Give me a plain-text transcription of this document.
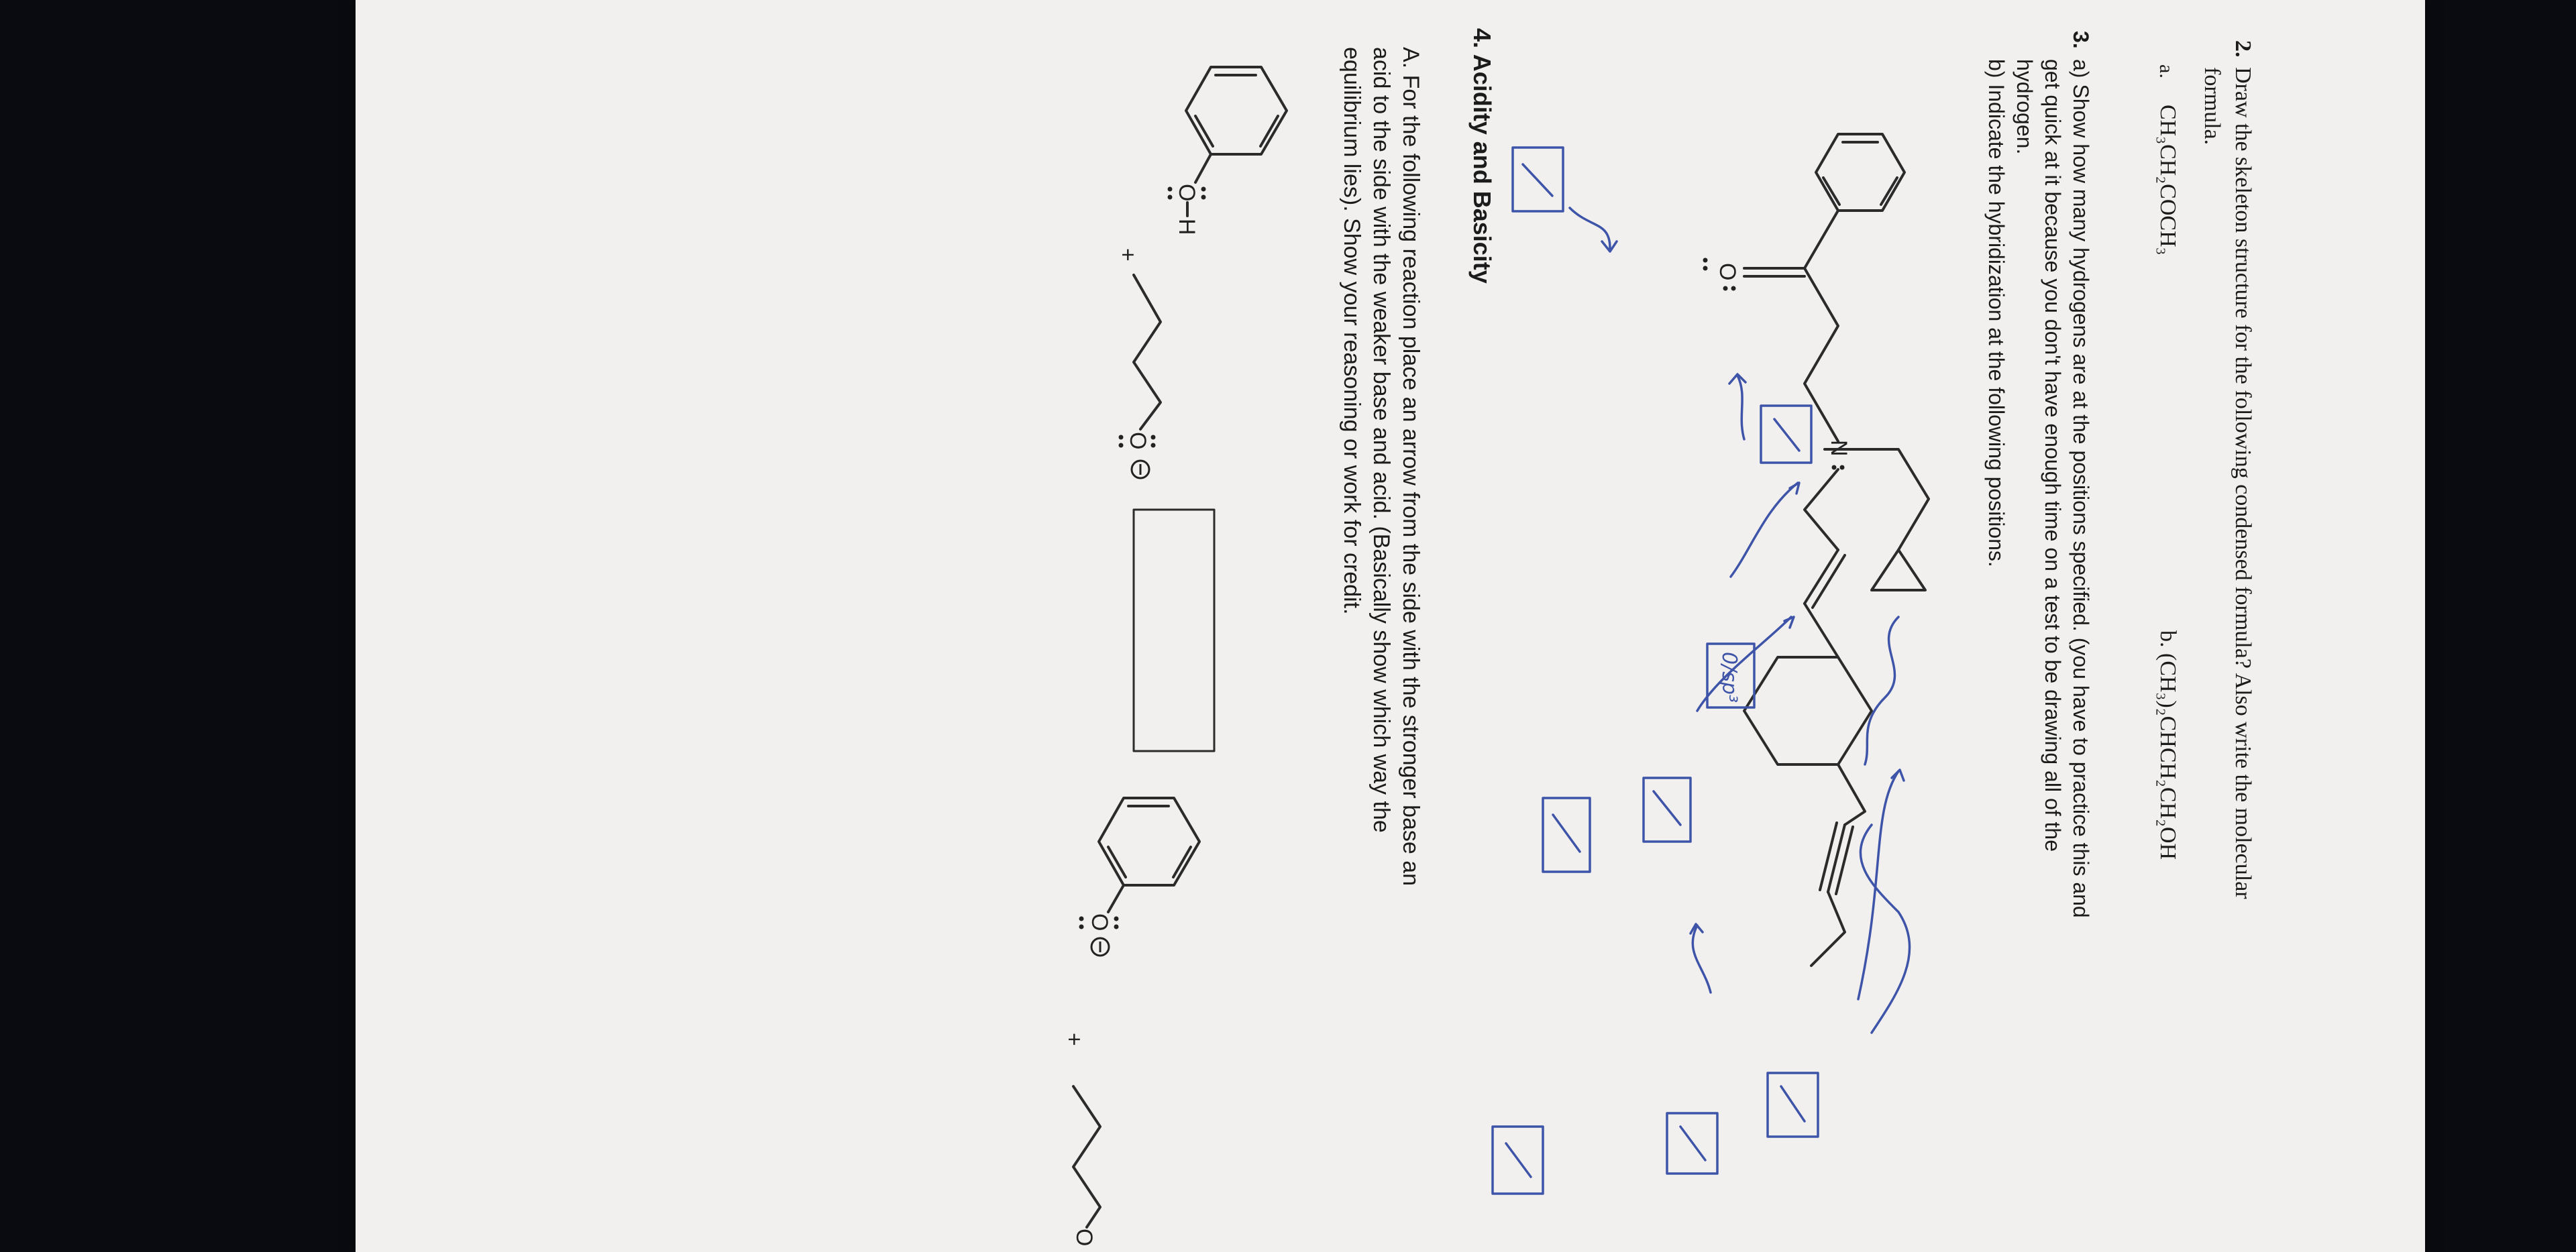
2.
Draw the skeleton structure for the following condensed formula? Also write the molecular
formula.
a.
CH₃CH₂COCH₃
b.
(CH₃)₂CHCH₂CH₂OH
3.
a) Show how many hydrogens are at the positions specified. (you have to practice this and
get quick at it because you don't have enough time on a test to be drawing all of the
hydrogen.
b) Indicate the hybridization at the following positions.
4. Acidity and Basicity
A. For the following reaction place an arrow from the side with the stronger base an
acid to the side with the weaker base and acid. (Basically show which way the
equilibrium lies). Show your reasoning or work for credit.	O
N
0/sp³
O
H
+
O
O
+
O
